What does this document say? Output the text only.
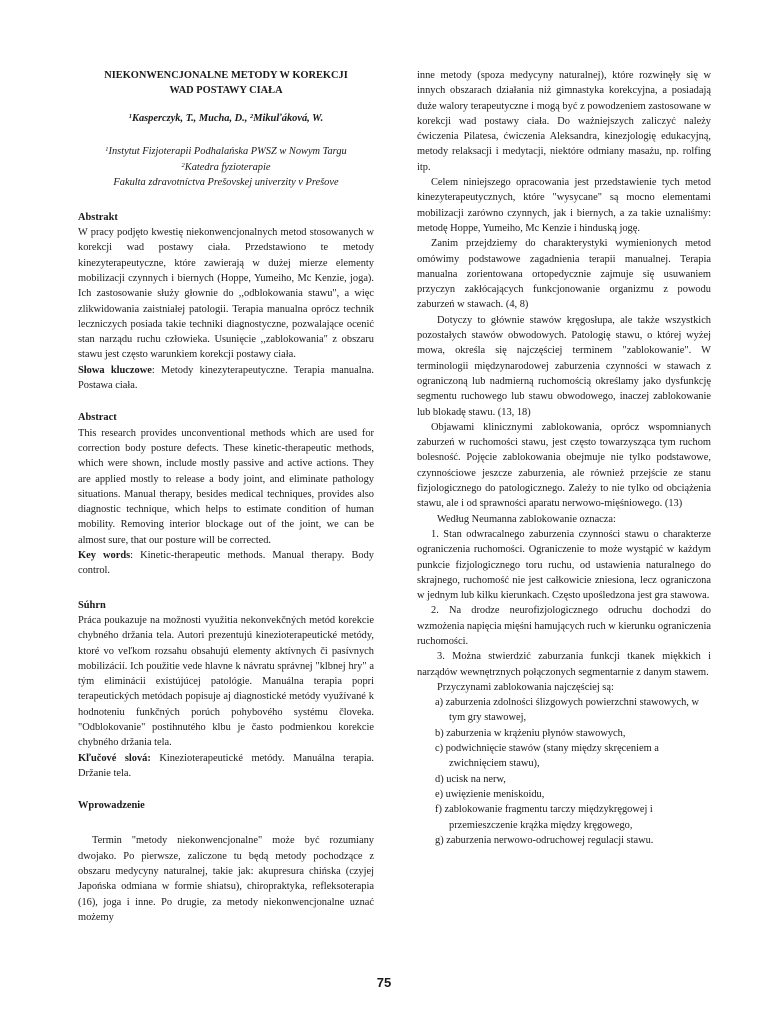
NIEKONWENCJONALNE METODY W KOREKCJI
WAD POSTAWY CIAŁA
$^1$Kasperczyk, T., Mucha, D., $^2$Mikuľáková, W.
$^1$Instytut Fizjoterapii Podhalańska PWSZ w Nowym Targu
$^2$Katedra fyzioterapie
Fakulta zdravotníctva Prešovskej univerzity v Prešove
Abstrakt

W pracy podjęto kwestię niekonwencjonalnych metod stosowanych w korekcji wad postawy ciała. Przedstawiono te metody kinezyterapeutyczne, które zawierają w dużej mierze elementy mobilizacji czynnych i biernych (Hoppe, Yumeiho, Mc Kenzie, joga). Ich zastosowanie służy głownie do ,,odblokowania stawu", a więc zlikwidowania zaistniałej patologii. Terapia manualna oprócz technik leczniczych posiada takie techniki diagnostyczne, pozwalające ocenić stan narządu ruchu człowieka. Usunięcie ,,zablokowania" z obszaru stawu jest często warunkiem korekcji postawy ciała.

Słowa kluczowe: Metody kinezyterapeutyczne. Terapia manualna. Postawa ciała.

Abstract

This research provides unconventional methods which are used for correction body posture defects. These kinetic-therapeutic methods, which were shown, include mostly passive and active actions. They are applied mostly to release a body joint, and eliminate pathology situations. Manual therapy, besides medical techniques, provides also diagnostic technique, which helps to estimate condition of human mobility. Removing interior blockage out of the joint, we can be almost sure, that our posture will be corrected.

Key words: Kinetic-therapeutic methods. Manual therapy. Body control.

Súhrn

Práca poukazuje na možnosti využitia nekonvekčných metód korekcie chybného držania tela. Autori prezentujú kinezioterapeutické metódy, ktoré vo veľkom rozsahu obsahujú elementy aktívnych či pasívnych mobilizácií. Ich použitie vede hlavne k návratu správnej "klbnej hry" a tým eliminácii existújúcej patológie. Manuálna terapia popri terapeutických metódach popisuje aj diagnostické metódy využívané k hodnoteniu funkčných porúch pohybového systému človeka. "Odblokovanie" postihnutého klbu je často podmienkou korekcie chybného držania tela.

Kľučové slová: Kinezioterapeutické metódy. Manuálna terapia. Držanie tela.

Wprowadzenie

Termin "metody niekonwencjonalne" może być rozumiany dwojako. Po pierwsze, zaliczone tu będą metody pochodzące z obszaru medycyny naturalnej, takie jak: akupresura chińska (czyjej Japońska odmiana w formie shiatsu), chiropraktyka, refleksoterapia (16), joga i inne. Po drugie, za metody niekonwencjonalne uznać możemy

inne metody (spoza medycyny naturalnej), które rozwinęły się w innych obszarach działania niż gimnastyka korekcyjna, a posiadają duże walory terapeutyczne i mogą być z powodzeniem zastosowane w korekcji wad postawy ciała. Do ważniejszych zaliczyć należy ćwiczenia Pilatesa, ćwiczenia Aleksandra, kinezjologię edukacyjną, metody relaksacji i medytacji, niektóre odmiany masażu, np. rolfing itp.

Celem niniejszego opracowania jest przedstawienie tych metod kinezyterapeutycznych, które "wysycane" są mocno elementami mobilizacji zarówno czynnych, jak i biernych, a za takie uznaliśmy: metodę Hoppe, Yumeiho, Mc Kenzie i hinduską jogę.

Zanim przejdziemy do charakterystyki wymienionych metod omówimy podstawowe zagadnienia terapii manualnej. Terapia manualna zorientowana ortopedycznie zajmuje się usuwaniem przyczyn zakłócających funkcjonowanie organizmu z powodu zaburzeń w stawach. (4, 8)

Dotyczy to głównie stawów kręgosłupa, ale także wszystkich pozostałych stawów obwodowych. Patologię stawu, o której wyżej mowa, określa się najczęściej terminem "zablokowanie". W terminologii międzynarodowej zaburzenia czynności w stawach z ograniczoną lub nadmierną ruchomością określamy jako dysfunkcję segmentu ruchowego lub stawu obwodowego, inaczej zablokowanie lub blokadę stawu. (13, 18)

Objawami klinicznymi zablokowania, oprócz wspomnianych zaburzeń w ruchomości stawu, jest często towarzysząca tym ruchom bolesność. Pojęcie zablokowania obejmuje nie tylko podstawowe, czynnościowe jeszcze zaburzenia, ale również przejście ze stanu fizjologicznego do patologicznego. Zależy to nie tylko od obciążenia stawu, ale i od sprawności aparatu nerwowo-mięśniowego. (13)

Według Neumanna zablokowanie oznacza:

1. Stan odwracalnego zaburzenia czynności stawu o charakterze ograniczenia ruchomości. Ograniczenie to może wystąpić w każdym punkcie fizjologicznego toru ruchu, od ustawienia naturalnego do skrajnego, ruchomość nie jest całkowicie zniesiona, lecz ograniczona w jednym lub kilku kierunkach. Często upośledzona jest gra stawowa.

2. Na drodze neurofizjologicznego odruchu dochodzi do wzmożenia napięcia mięśni hamujących ruch w kierunku ograniczenia ruchomości.

3. Można stwierdzić zaburzania funkcji tkanek miękkich i narządów wewnętrznych połączonych segmentarnie z danym stawem.

Przyczynami zablokowania najczęściej są:

a) zaburzenia zdolności ślizgowych powierzchni stawowych, w tym gry stawowej,
b) zaburzenia w krążeniu płynów stawowych,
c) podwichnięcie stawów (stany między skręceniem a zwichnięciem stawu),
d) ucisk na nerw,
e) uwięzienie meniskoidu,
f) zablokowanie fragmentu tarczy międzykręgowej i przemieszczenie krążka między kręgowego,
g) zaburzenia nerwowo-odruchowej regulacji stawu.
75
